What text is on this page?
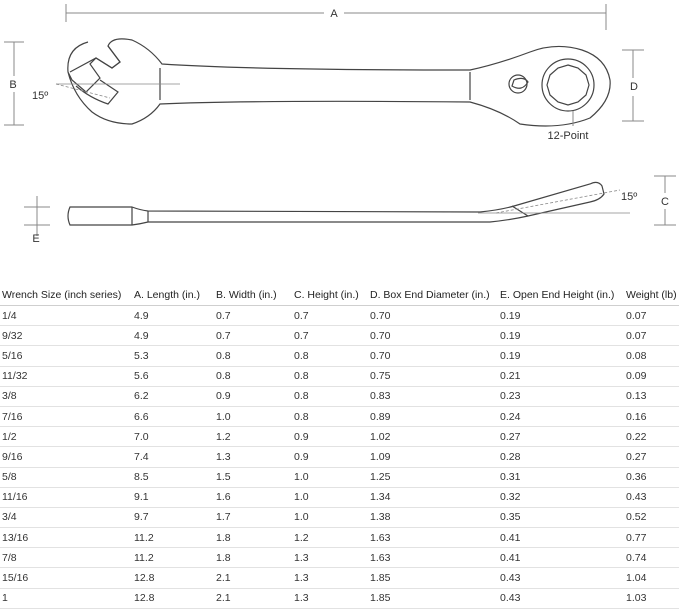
A
B
15º
12-Point
D
15º C
E
Wrench Size (inch series)	A. Length (in.)	B. Width (in.)	C. Height (in.)	D. Box End Diameter (in.)	E. Open End Height (in.)	Weight (lb)
1/4	4.9	0.7	0.7	0.70	0.19	0.07
9/32	4.9	0.7	0.7	0.70	0.19	0.07
5/16	5.3	0.8	0.8	0.70	0.19	0.08
11/32	5.6	0.8	0.8	0.75	0.21	0.09
3/8	6.2	0.9	0.8	0.83	0.23	0.13
7/16	6.6	1.0	0.8	0.89	0.24	0.16
1/2	7.0	1.2	0.9	1.02	0.27	0.22
9/16	7.4	1.3	0.9	1.09	0.28	0.27
5/8	8.5	1.5	1.0	1.25	0.31	0.36
11/16	9.1	1.6	1.0	1.34	0.32	0.43
3/4	9.7	1.7	1.0	1.38	0.35	0.52
13/16	11.2	1.8	1.2	1.63	0.41	0.77
7/8	11.2	1.8	1.3	1.63	0.41	0.74
15/16	12.8	2.1	1.3	1.85	0.43	1.04
1	12.8	2.1	1.3	1.85	0.43	1.03
